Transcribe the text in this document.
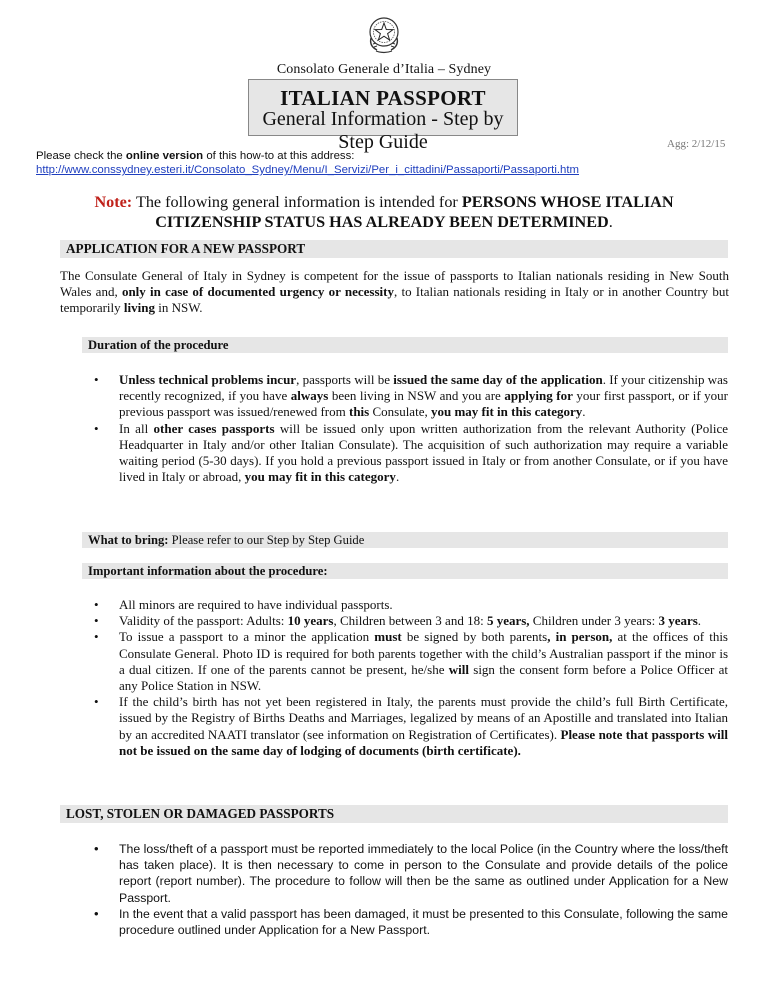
Consolato Generale d’Italia – Sydney
ITALIAN PASSPORT
General Information - Step by Step Guide	Agg: 2/12/15
Please check the online version of this how-to at this address:
http://www.conssydney.esteri.it/Consolato_Sydney/Menu/I_Servizi/Per_i_cittadini/Passaporti/Passaporti.htm
Note: The following general information is intended for PERSONS WHOSE ITALIAN CITIZENSHIP STATUS HAS ALREADY BEEN DETERMINED.
APPLICATION FOR A NEW PASSPORT
The Consulate General of Italy in Sydney is competent for the issue of passports to Italian nationals residing in New South Wales and, only in case of documented urgency or necessity, to Italian nationals residing in Italy or in another Country but temporarily living in NSW.
Duration of the procedure
• Unless technical problems incur, passports will be issued the same day of the application. If your citizenship was recently recognized, if you have always been living in NSW and you are applying for your first passport, or if your previous passport was issued/renewed from this Consulate, you may fit in this category.
• In all other cases passports will be issued only upon written authorization from the relevant Authority (Police Headquarter in Italy and/or other Italian Consulate). The acquisition of such authorization may require a variable waiting period (5-30 days). If you hold a previous passport issued in Italy or from another Consulate, or if you have lived in Italy or abroad, you may fit in this category.
What to bring: Please refer to our Step by Step Guide
Important information about the procedure:
• All minors are required to have individual passports.
• Validity of the passport: Adults: 10 years, Children between 3 and 18: 5 years, Children under 3 years: 3 years.
• To issue a passport to a minor the application must be signed by both parents, in person, at the offices of this Consulate General. Photo ID is required for both parents together with the child’s Australian passport if the minor is a dual citizen. If one of the parents cannot be present, he/she will sign the consent form before a Police Officer at any Police Station in NSW.
• If the child’s birth has not yet been registered in Italy, the parents must provide the child’s full Birth Certificate, issued by the Registry of Births Deaths and Marriages, legalized by means of an Apostille and translated into Italian by an accredited NAATI translator (see information on Registration of Certificates). Please note that passports will not be issued on the same day of lodging of documents (birth certificate).
LOST, STOLEN OR DAMAGED PASSPORTS
• The loss/theft of a passport must be reported immediately to the local Police (in the Country where the loss/theft has taken place). It is then necessary to come in person to the Consulate and provide details of the police report (report number). The procedure to follow will then be the same as outlined under Application for a New Passport.
• In the event that a valid passport has been damaged, it must be presented to this Consulate, following the same procedure outlined under Application for a New Passport.
